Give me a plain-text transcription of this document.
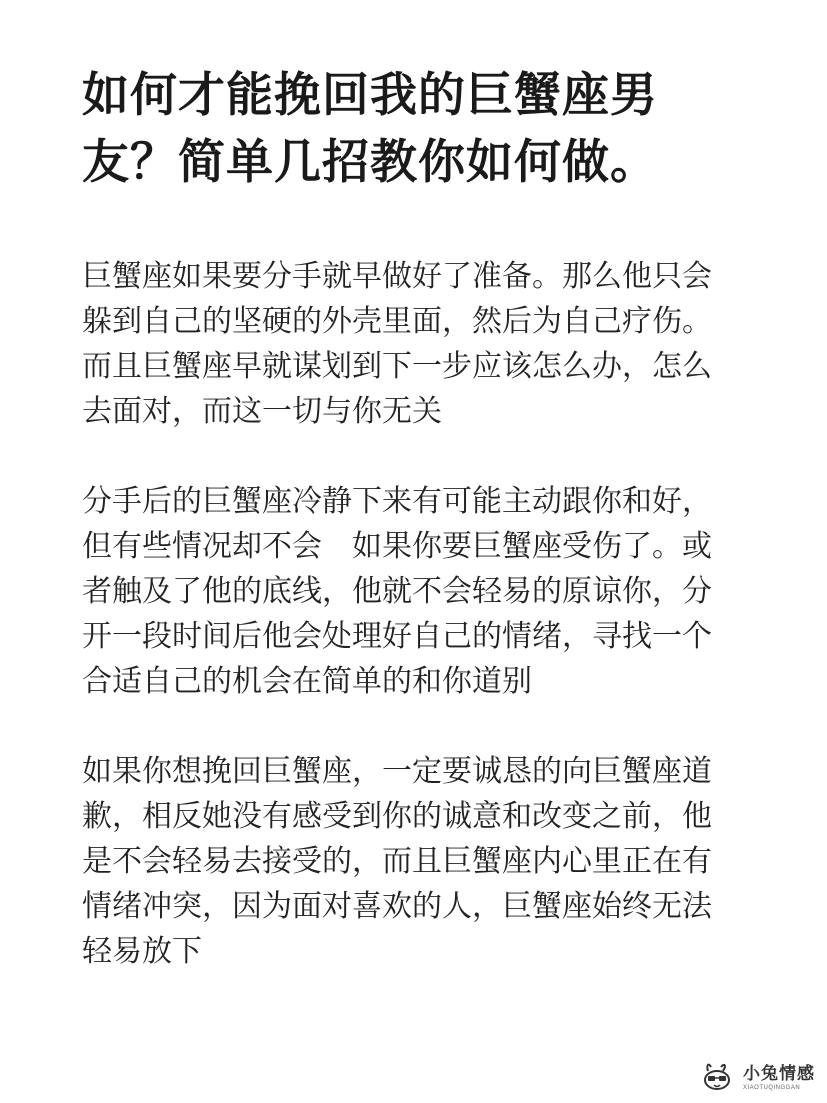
如何才能挽回我的巨蟹座男友？简单几招教你如何做。

巨蟹座如果要分手就早做好了准备。那么他只会躲到自己的坚硬的外壳里面，然后为自己疗伤。而且巨蟹座早就谋划到下一步应该怎么办，怎么去面对，而这一切与你无关

分手后的巨蟹座冷静下来有可能主动跟你和好，但有些情况却不会　如果你要巨蟹座受伤了。或者触及了他的底线，他就不会轻易的原谅你，分开一段时间后他会处理好自己的情绪，寻找一个合适自己的机会在简单的和你道别

如果你想挽回巨蟹座，一定要诚恳的向巨蟹座道歉，相反她没有感受到你的诚意和改变之前，他是不会轻易去接受的，而且巨蟹座内心里正在有情绪冲突，因为面对喜欢的人，巨蟹座始终无法轻易放下

小兔情感
XIAOTUQINGGAN
